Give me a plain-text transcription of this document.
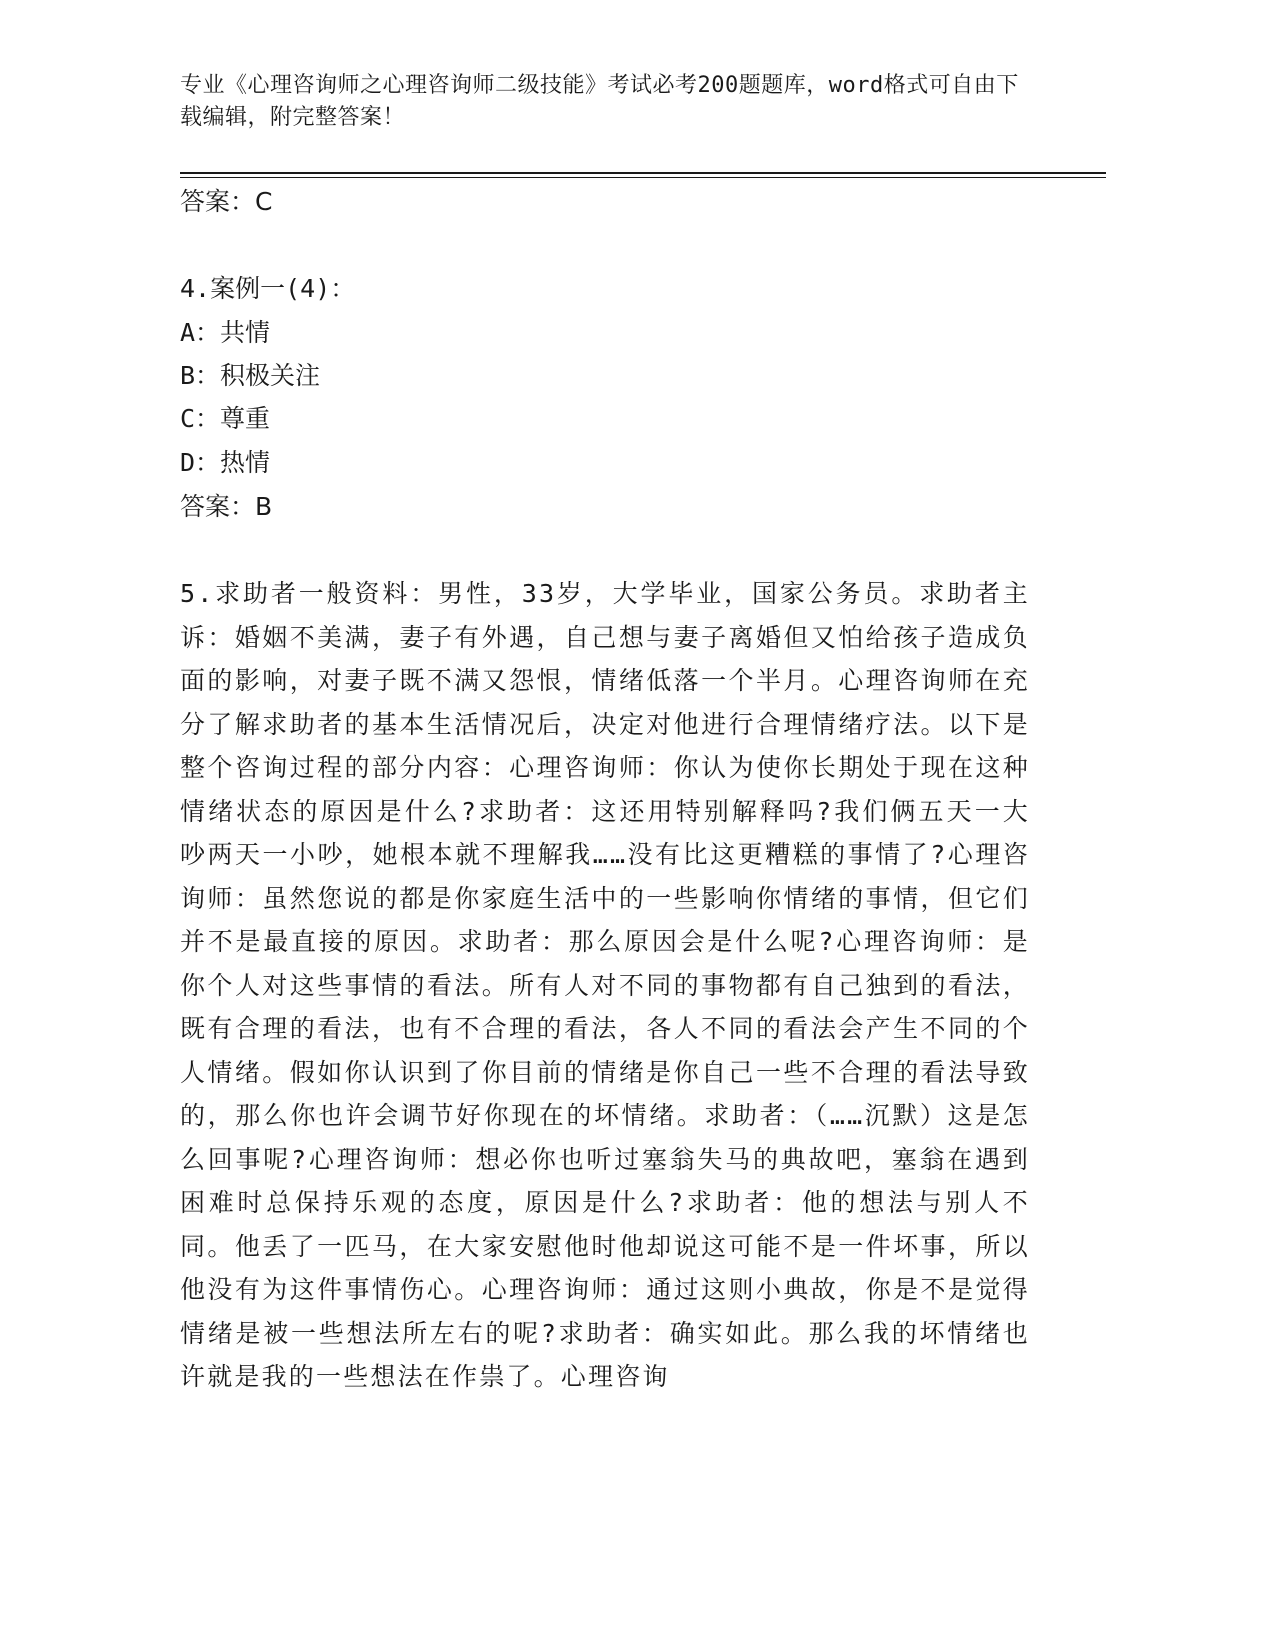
专业《心理咨询师之心理咨询师二级技能》考试必考200题题库，word格式可自由下载编辑，附完整答案！
答案：C
4.案例一(4)：
A：共情
B：积极关注
C：尊重
D：热情
答案：B
5.求助者一般资料：男性，33岁，大学毕业，国家公务员。求助者主诉：婚姻不美满，妻子有外遇，自己想与妻子离婚但又怕给孩子造成负面的影响，对妻子既不满又怨恨，情绪低落一个半月。心理咨询师在充分了解求助者的基本生活情况后，决定对他进行合理情绪疗法。以下是整个咨询过程的部分内容：心理咨询师：你认为使你长期处于现在这种情绪状态的原因是什么?求助者：这还用特别解释吗?我们俩五天一大吵两天一小吵，她根本就不理解我……没有比这更糟糕的事情了?心理咨询师：虽然您说的都是你家庭生活中的一些影响你情绪的事情，但它们并不是最直接的原因。求助者：那么原因会是什么呢?心理咨询师：是你个人对这些事情的看法。所有人对不同的事物都有自己独到的看法，既有合理的看法，也有不合理的看法，各人不同的看法会产生不同的个人情绪。假如你认识到了你目前的情绪是你自己一些不合理的看法导致的，那么你也许会调节好你现在的坏情绪。求助者：（……沉默）这是怎么回事呢?心理咨询师：想必你也听过塞翁失马的典故吧，塞翁在遇到困难时总保持乐观的态度，原因是什么?求助者：他的想法与别人不同。他丢了一匹马，在大家安慰他时他却说这可能不是一件坏事，所以他没有为这件事情伤心。心理咨询师：通过这则小典故，你是不是觉得情绪是被一些想法所左右的呢?求助者：确实如此。那么我的坏情绪也许就是我的一些想法在作祟了。心理咨询
